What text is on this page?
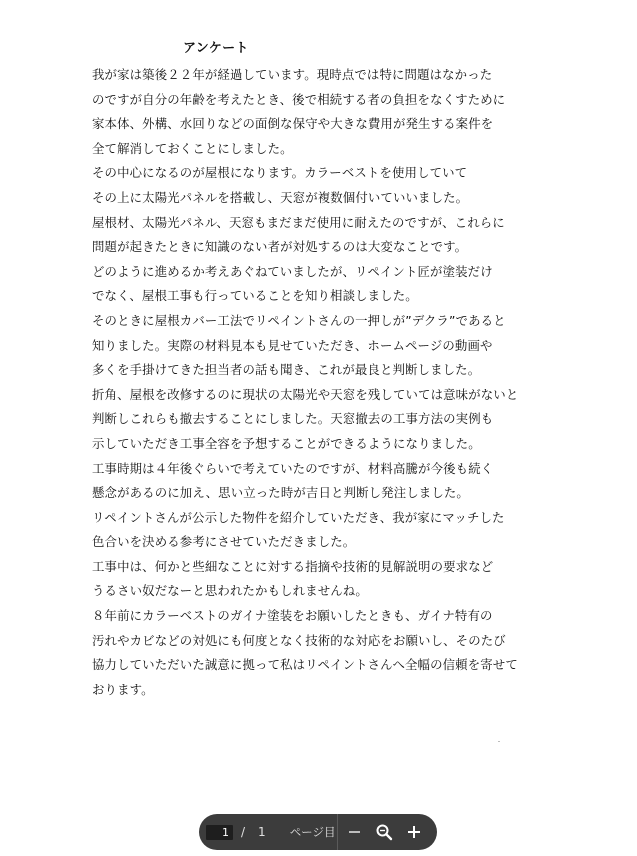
アンケート
我が家は築後２２年が経過しています。現時点では特に問題はなかった
のですが自分の年齢を考えたとき、後で相続する者の負担をなくすために
家本体、外構、水回りなどの面倒な保守や大きな費用が発生する案件を
全て解消しておくことにしました。
その中心になるのが屋根になります。カラーベストを使用していて
その上に太陽光パネルを搭載し、天窓が複数個付いていいました。
屋根材、太陽光パネル、天窓もまだまだ使用に耐えたのですが、これらに
問題が起きたときに知識のない者が対処するのは大変なことです。
どのように進めるか考えあぐねていましたが、リペイント匠が塗装だけ
でなく、屋根工事も行っていることを知り相談しました。
そのときに屋根カバー工法でリペイントさんの一押しが”デクラ”であると
知りました。実際の材料見本も見せていただき、ホームページの動画や
多くを手掛けてきた担当者の話も聞き、これが最良と判断しました。
折角、屋根を改修するのに現状の太陽光や天窓を残していては意味がないと
判断しこれらも撤去することにしました。天窓撤去の工事方法の実例も
示していただき工事全容を予想することができるようになりました。
工事時期は４年後ぐらいで考えていたのですが、材料高騰が今後も続く
懸念があるのに加え、思い立った時が吉日と判断し発注しました。
リペイントさんが公示した物件を紹介していただき、我が家にマッチした
色合いを決める参考にさせていただきました。
工事中は、何かと些細なことに対する指摘や技術的見解説明の要求など
うるさい奴だなーと思われたかもしれませんね。
８年前にカラーベストのガイナ塗装をお願いしたときも、ガイナ特有の
汚れやカビなどの対処にも何度となく技術的な対応をお願いし、そのたび
協力していただいた誠意に拠って私はリペイントさんへ全幅の信頼を寄せて
おります。
1	/ 1 ページ目
